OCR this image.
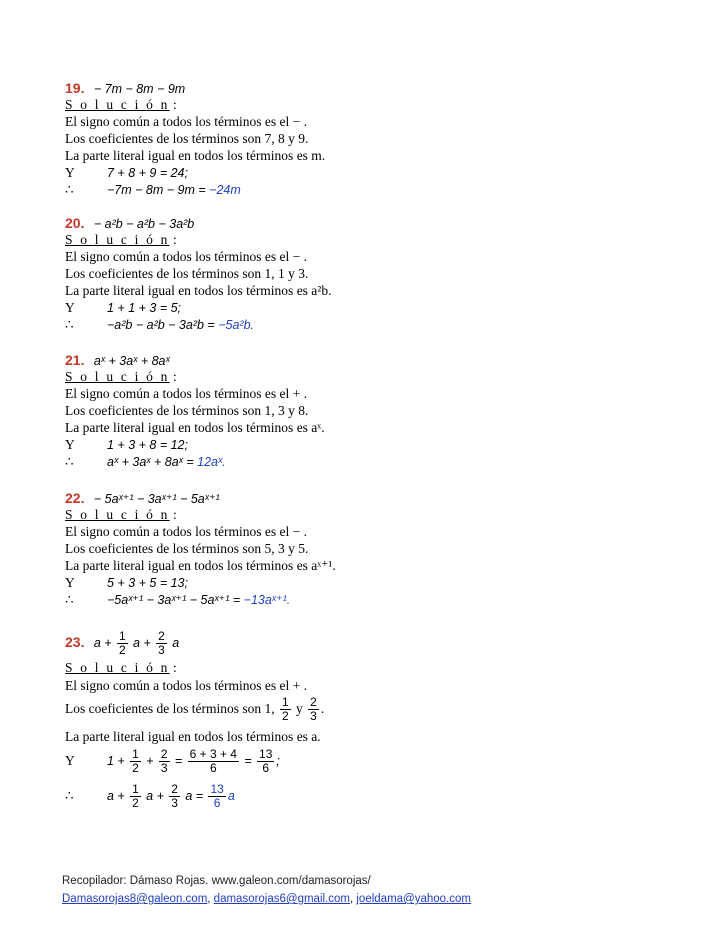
19. − 7m − 8m − 9m
S o l u c i ó n :
El signo común a todos los términos es el − .
Los coeficientes de los términos son 7, 8 y 9.
La parte literal igual en todos los términos es m.
Y	7 + 8 + 9 = 24;
∴	−7m − 8m − 9m = −24m
20. − a²b − a²b − 3a²b
S o l u c i ó n :
El signo común a todos los términos es el − .
Los coeficientes de los términos son 1, 1 y 3.
La parte literal igual en todos los términos es a²b.
Y	1 + 1 + 3 = 5;
∴	−a²b − a²b − 3a²b = −5a²b.
21. aˣ + 3aˣ + 8aˣ
S o l u c i ó n :
El signo común a todos los términos es el + .
Los coeficientes de los términos son 1, 3 y 8.
La parte literal igual en todos los términos es aˣ.
Y	1 + 3 + 8 = 12;
∴	aˣ + 3aˣ + 8aˣ = 12aˣ.
22. − 5aˣ⁺¹ − 3aˣ⁺¹ − 5aˣ⁺¹
S o l u c i ó n :
El signo común a todos los términos es el − .
Los coeficientes de los términos son 5, 3 y 5.
La parte literal igual en todos los términos es aˣ⁺¹.
Y	5 + 3 + 5 = 13;
∴	−5aˣ⁺¹ − 3aˣ⁺¹ − 5aˣ⁺¹ = −13aˣ⁺¹.
23. $a + \frac{1}{2}$ $a + \frac{2}{3}$ a
S o l u c i ó n :
El signo común a todos los términos es el + .
Los coeficientes de los términos son 1, $\frac{1}{2}$ y $\frac{2}{3}$ .
La parte literal igual en todos los términos es a.
Y	$1 + \frac{1}{2} + \frac{2}{3} = \frac{6 + 3 + 4}{6} = \frac{13}{6}$ ;
∴	$a + \frac{1}{2}$ $a + \frac{2}{3}$ $a = \frac{13}{6}$ a
Recopilador: Dámaso Rojas. www.galeon.com/damasorojas/
Damasorojas8@galeon.com, damasorojas6@gmail.com, joeldama@yahoo.com
